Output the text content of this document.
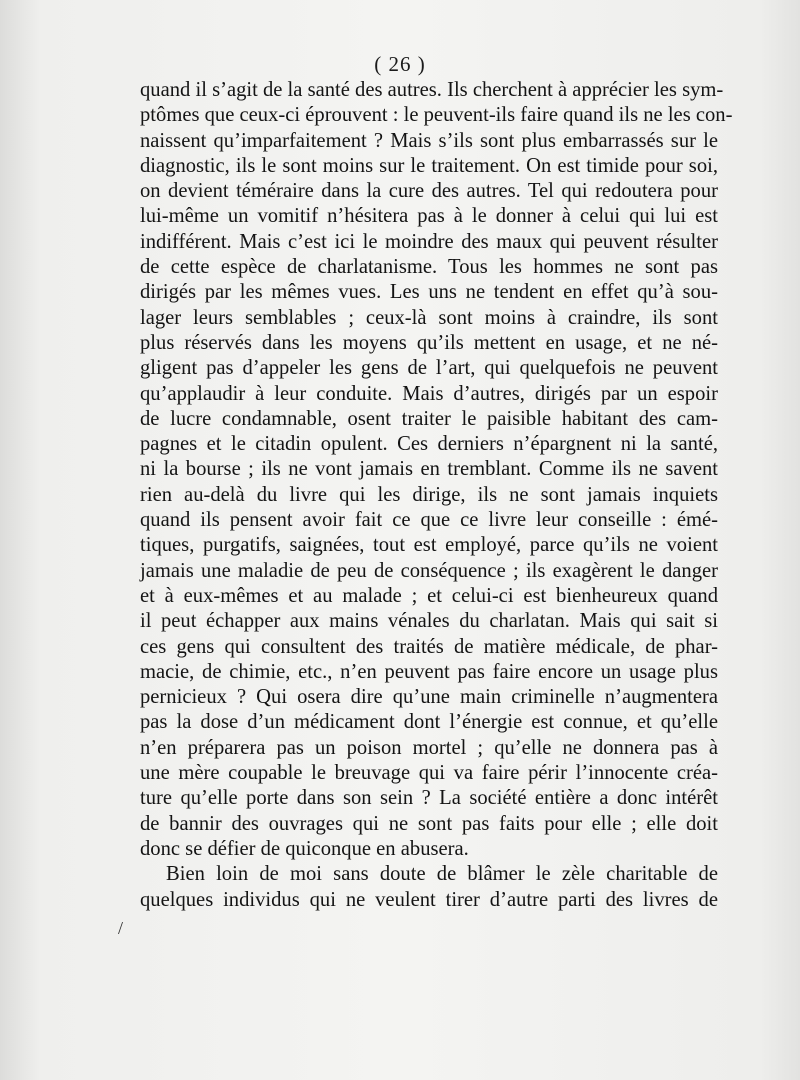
( 26 )
quand il s’agit de la santé des autres. Ils cherchent à apprécier les sym-
ptômes que ceux-ci éprouvent : le peuvent-ils faire quand ils ne les con-
naissent qu’imparfaitement ? Mais s’ils sont plus embarrassés sur le
diagnostic, ils le sont moins sur le traitement. On est timide pour soi,
on devient téméraire dans la cure des autres. Tel qui redoutera pour
lui-même un vomitif n’hésitera pas à le donner à celui qui lui est
indifférent. Mais c’est ici le moindre des maux qui peuvent résulter
de cette espèce de charlatanisme. Tous les hommes ne sont pas
dirigés par les mêmes vues. Les uns ne tendent en effet qu’à sou-
lager leurs semblables ; ceux-là sont moins à craindre, ils sont
plus réservés dans les moyens qu’ils mettent en usage, et ne né-
gligent pas d’appeler les gens de l’art, qui quelquefois ne peuvent
qu’applaudir à leur conduite. Mais d’autres, dirigés par un espoir
de lucre condamnable, osent traiter le paisible habitant des cam-
pagnes et le citadin opulent. Ces derniers n’épargnent ni la santé,
ni la bourse ; ils ne vont jamais en tremblant. Comme ils ne savent
rien au-delà du livre qui les dirige, ils ne sont jamais inquiets
quand ils pensent avoir fait ce que ce livre leur conseille : émé-
tiques, purgatifs, saignées, tout est employé, parce qu’ils ne voient
jamais une maladie de peu de conséquence ; ils exagèrent le danger
et à eux-mêmes et au malade ; et celui-ci est bienheureux quand
il peut échapper aux mains vénales du charlatan. Mais qui sait si
ces gens qui consultent des traités de matière médicale, de phar-
macie, de chimie, etc., n’en peuvent pas faire encore un usage plus
pernicieux ? Qui osera dire qu’une main criminelle n’augmentera
pas la dose d’un médicament dont l’énergie est connue, et qu’elle
n’en préparera pas un poison mortel ; qu’elle ne donnera pas à
une mère coupable le breuvage qui va faire périr l’innocente créa-
ture qu’elle porte dans son sein ? La société entière a donc intérêt
de bannir des ouvrages qui ne sont pas faits pour elle ; elle doit
donc se défier de quiconque en abusera.
Bien loin de moi sans doute de blâmer le zèle charitable de
quelques individus qui ne veulent tirer d’autre parti des livres de
/
